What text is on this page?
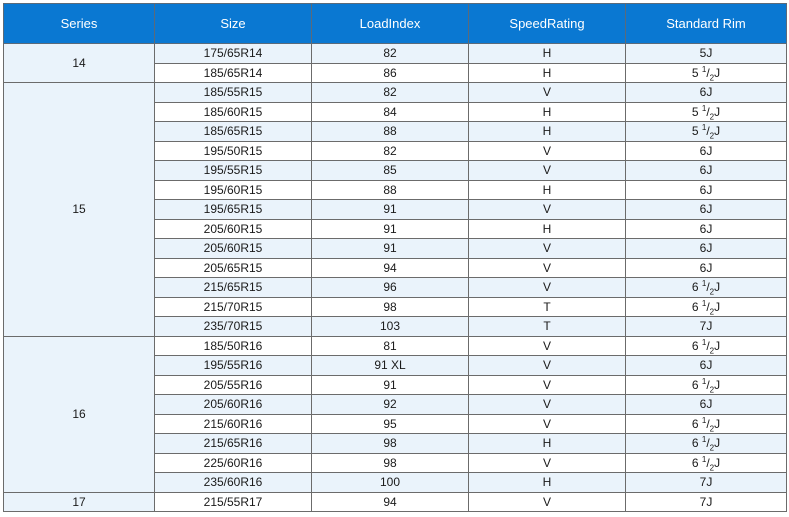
Series	Size	LoadIndex	SpeedRating	Standard Rim
14	175/65R14	82	H	5J
	185/65R14	86	H	5 $^1/_2J$
15	185/55R15	82	V	6J
	185/60R15	84	H	5 $^1/_2J$
	185/65R15	88	H	5 $^1/_2J$
	195/50R15	82	V	6J
	195/55R15	85	V	6J
	195/60R15	88	H	6J
	195/65R15	91	V	6J
	205/60R15	91	H	6J
	205/60R15	91	V	6J
	205/65R15	94	V	6J
	215/65R15	96	V	6 $^1/_2J$
	215/70R15	98	T	6 $^1/_2J$
	235/70R15	103	T	7J
16	185/50R16	81	V	6 $^1/_2J$
	195/55R16	91 XL	V	6J
	205/55R16	91	V	6 $^1/_2J$
	205/60R16	92	V	6J
	215/60R16	95	V	6 $^1/_2J$
	215/65R16	98	H	6 $^1/_2J$
	225/60R16	98	V	6 $^1/_2J$
	235/60R16	100	H	7J
17	215/55R17	94	V	7J
